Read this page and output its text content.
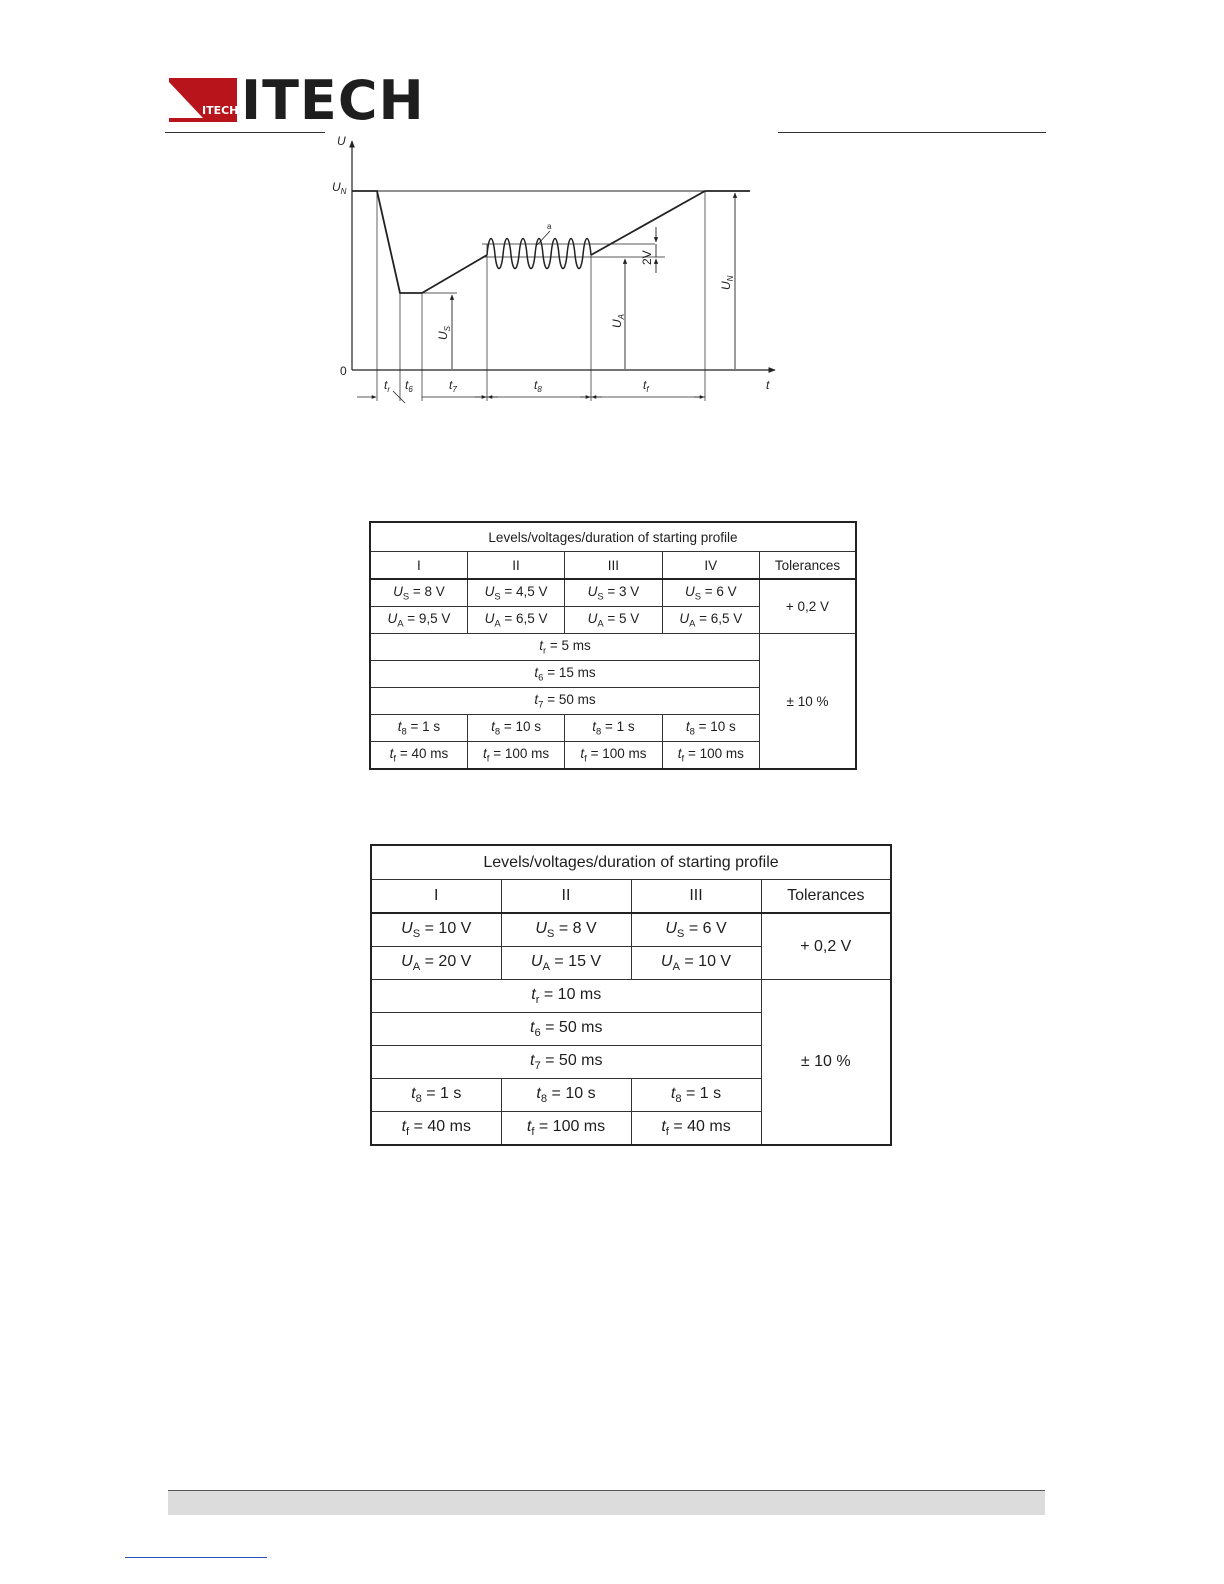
ITECH ITECH
U
t
0
$U_N$
2V
a
$U_S$
$U_A$
$U_N$
$t_r$ $t_6$	$t_7$	$t_8$	$t_f$
Levels/voltages/duration of starting profile				
I	II	III	IV	Tolerances
$U_S = 8$ V	$U_S = 4,5$ V	$U_S = 3$ V	$U_S = 6$ V	+ 0,2 V
$U_A = 9,5$ V	$U_A = 6,5$ V	$U_A = 5$ V	$U_A = 6,5$ V	
$t_r = 5$ ms				± 10 %
$t_6 = 15$ ms				
$t_7 = 50$ ms				
$t_8 = 1$ s	$t_8 = 10$ s	$t_8 = 1$ s	$t_8 = 10$ s	
$t_f = 40$ ms	$t_f = 100$ ms	$t_f = 100$ ms	$t_f = 100$ ms	
Levels/voltages/duration of starting profile			
I	II	III	Tolerances
$U_S = 10$ V	$U_S = 8$ V	$U_S = 6$ V	+ 0,2 V
$U_A = 20$ V	$U_A = 15$ V	$U_A = 10$ V	
$t_r = 10$ ms			± 10 %
$t_6 = 50$ ms			
$t_7 = 50$ ms			
$t_8 = 1$ s	$t_8 = 10$ s	$t_8 = 1$ s	
$t_f = 40$ ms	$t_f = 100$ ms	$t_f = 40$ ms	
